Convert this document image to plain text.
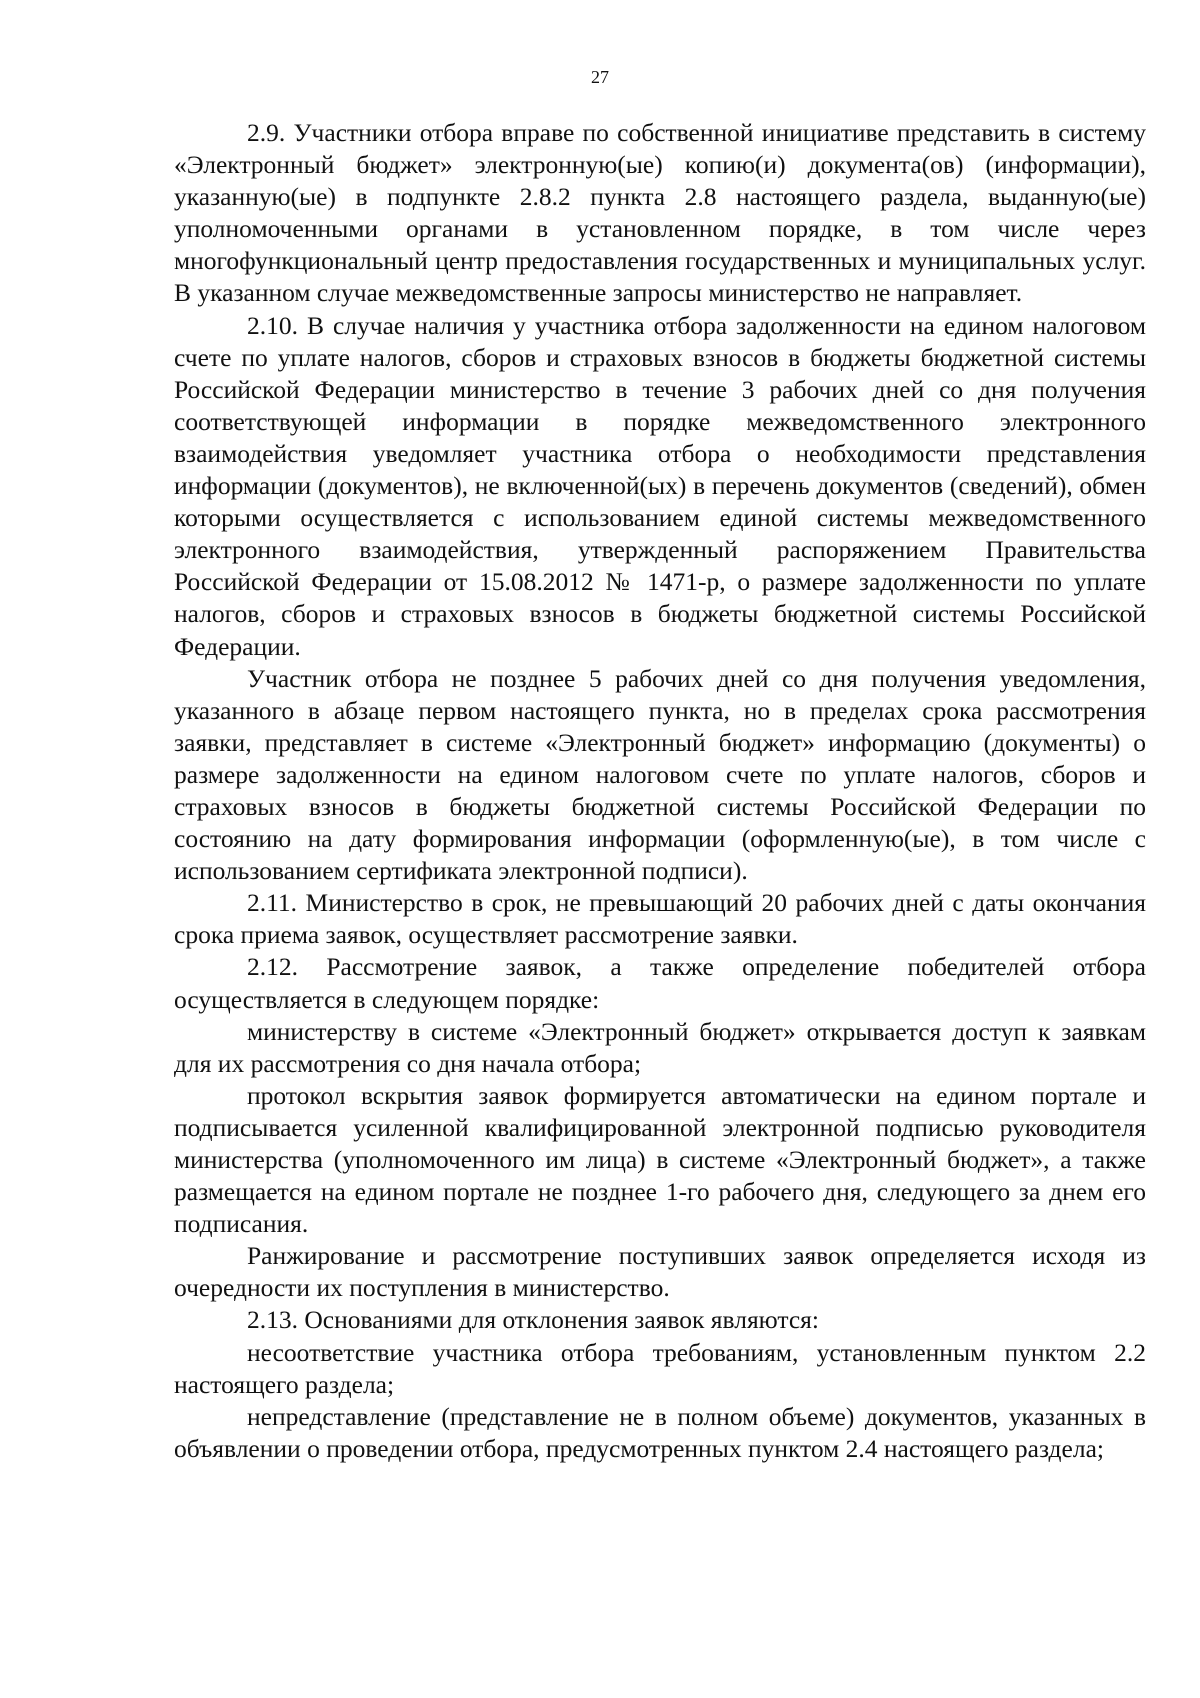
27

2.9. Участники отбора вправе по собственной инициативе представить в систему «Электронный бюджет» электронную(ые) копию(и) документа(ов) (информации), указанную(ые) в подпункте 2.8.2 пункта 2.8 настоящего раздела, выданную(ые) уполномоченными органами в установленном порядке, в том числе через многофункциональный центр предоставления государственных и муниципальных услуг. В указанном случае межведомственные запросы министерство не направляет.

2.10. В случае наличия у участника отбора задолженности на едином налоговом счете по уплате налогов, сборов и страховых взносов в бюджеты бюджетной системы Российской Федерации министерство в течение 3 рабочих дней со дня получения соответствующей информации в порядке межведомственного электронного взаимодействия уведомляет участника отбора о необходимости представления информации (документов), не включенной(ых) в перечень документов (сведений), обмен которыми осуществляется с использованием единой системы межведомственного электронного взаимодействия, утвержденный распоряжением Правительства Российской Федерации от 15.08.2012 № 1471-р, о размере задолженности по уплате налогов, сборов и страховых взносов в бюджеты бюджетной системы Российской Федерации.

Участник отбора не позднее 5 рабочих дней со дня получения уведомления, указанного в абзаце первом настоящего пункта, но в пределах срока рассмотрения заявки, представляет в системе «Электронный бюджет» информацию (документы) о размере задолженности на едином налоговом счете по уплате налогов, сборов и страховых взносов в бюджеты бюджетной системы Российской Федерации по состоянию на дату формирования информации (оформленную(ые), в том числе с использованием сертификата электронной подписи).

2.11. Министерство в срок, не превышающий 20 рабочих дней с даты окончания срока приема заявок, осуществляет рассмотрение заявки.

2.12. Рассмотрение заявок, а также определение победителей отбора осуществляется в следующем порядке:

министерству в системе «Электронный бюджет» открывается доступ к заявкам для их рассмотрения со дня начала отбора;

протокол вскрытия заявок формируется автоматически на едином портале и подписывается усиленной квалифицированной электронной подписью руководителя министерства (уполномоченного им лица) в системе «Электронный бюджет», а также размещается на едином портале не позднее 1-го рабочего дня, следующего за днем его подписания.

Ранжирование и рассмотрение поступивших заявок определяется исходя из очередности их поступления в министерство.

2.13. Основаниями для отклонения заявок являются:

несоответствие участника отбора требованиям, установленным пунктом 2.2 настоящего раздела;

непредставление (представление не в полном объеме) документов, указанных в объявлении о проведении отбора, предусмотренных пунктом 2.4 настоящего раздела;
